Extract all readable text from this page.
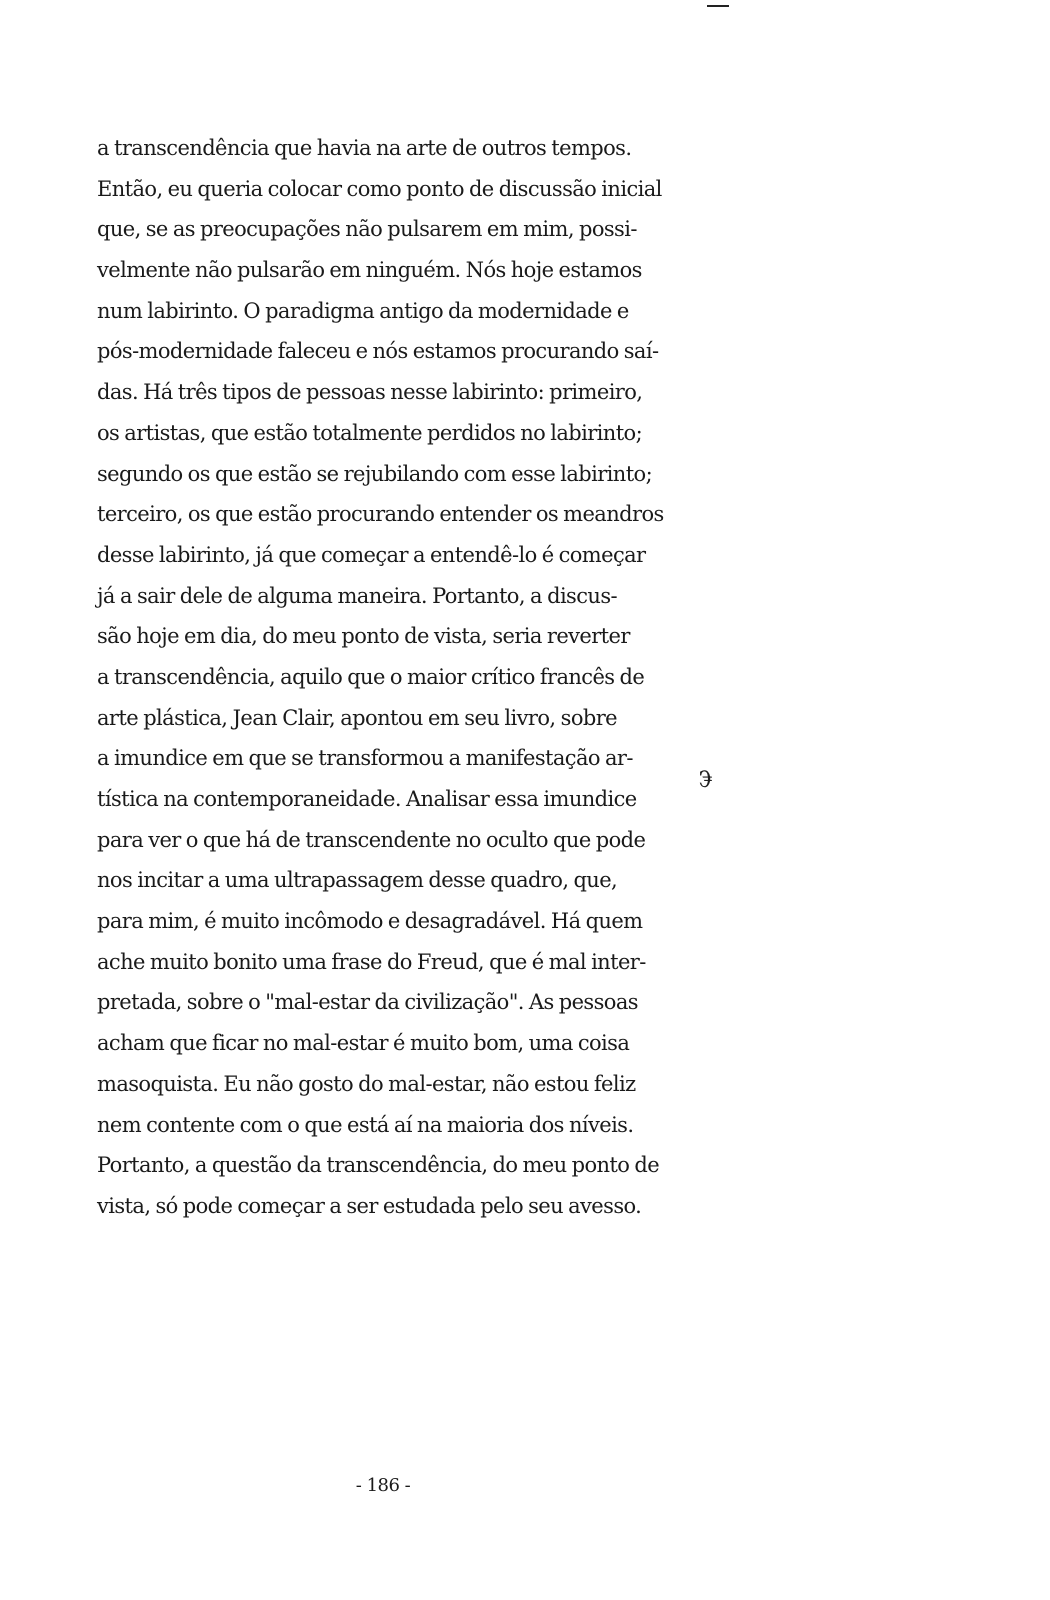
a transcendência que havia na arte de outros tempos.
Então, eu queria colocar como ponto de discussão inicial
que, se as preocupações não pulsarem em mim, possi-
velmente não pulsarão em ninguém. Nós hoje estamos
num labirinto. O paradigma antigo da modernidade e
pós-modernidade faleceu e nós estamos procurando saí-
das. Há três tipos de pessoas nesse labirinto: primeiro,
os artistas, que estão totalmente perdidos no labirinto;
segundo os que estão se rejubilando com esse labirinto;
terceiro, os que estão procurando entender os meandros
desse labirinto, já que começar a entendê-lo é começar
já a sair dele de alguma maneira. Portanto, a discus-
são hoje em dia, do meu ponto de vista, seria reverter
a transcendência, aquilo que o maior crítico francês de
arte plástica, Jean Clair, apontou em seu livro, sobre
a imundice em que se transformou a manifestação ar-
tística na contemporaneidade. Analisar essa imundice
para ver o que há de transcendente no oculto que pode
nos incitar a uma ultrapassagem desse quadro, que,
para mim, é muito incômodo e desagradável. Há quem
ache muito bonito uma frase do Freud, que é mal inter-
pretada, sobre o "mal-estar da civilização". As pessoas
acham que ficar no mal-estar é muito bom, uma coisa
masoquista. Eu não gosto do mal-estar, não estou feliz
nem contente com o que está aí na maioria dos níveis.
Portanto, a questão da transcendência, do meu ponto de
vista, só pode começar a ser estudada pelo seu avesso.
€
- 186 -
